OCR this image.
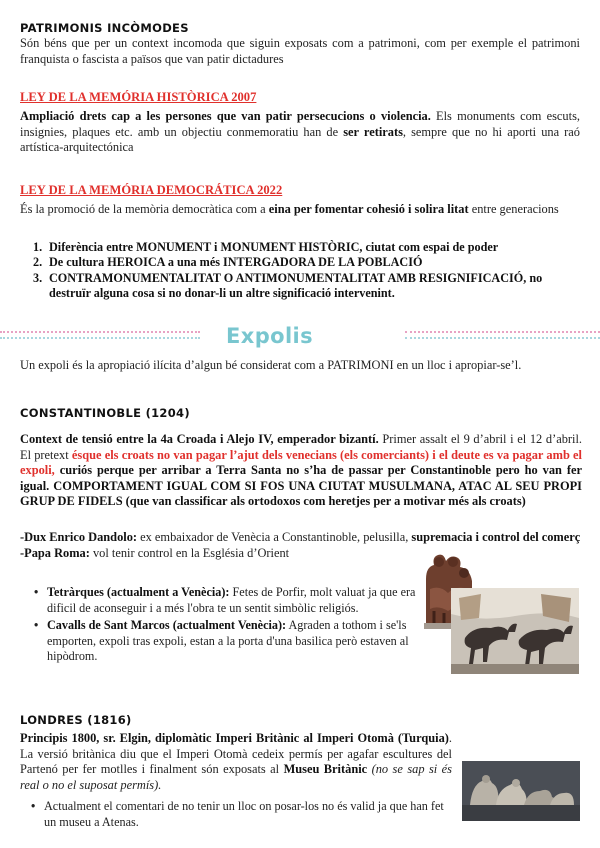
PATRIMONIS INCÒMODES
Són béns que per un context incomoda que siguin exposats com a patrimoni, com per exemple el patrimoni franquista o fascista a països que van patir dictadures
LEY DE LA MEMÓRIA HISTÒRICA 2007
Ampliació drets cap a les persones que van patir persecucions o violencia. Els monuments com escuts, insignies, plaques etc. amb un objectiu conmemoratiu han de ser retirats, sempre que no hi aporti una raó artística-arquitectónica
LEY DE LA MEMÓRIA DEMOCRÁTICA 2022
És la promoció de la memòria democràtica com a eina per fomentar cohesió i solira litat entre generacions
1. Diferència entre MONUMENT i MONUMENT HISTÒRIC, ciutat com espai de poder
2. De cultura HEROICA a una més INTERGADORA DE LA POBLACIÓ
3. CONTRAMONUMENTALITAT O ANTIMONUMENTALITAT AMB RESIGNIFICACIÓ, no destruïr alguna cosa si no donar-li un altre significació intervenint.
Expolis
Un expoli és la apropiació ilícita d’algun bé considerat com a PATRIMONI en un lloc i apropiar-se’l.
CONSTANTINOBLE (1204)
Context de tensió entre la 4a Croada i Alejo IV, emperador bizantí. Primer assalt el 9 d’abril i el 12 d’abril. El pretext ésque els croats no van pagar l’ajut dels venecians (els comerciants) i el deute es va pagar amb el expoli, curiós perque per arribar a Terra Santa no s’ha de passar per Constantinoble pero ho van fer igual. COMPORTAMENT IGUAL COM SI FOS UNA CIUTAT MUSULMANA, ATAC AL SEU PROPI GRUP DE FIDELS (que van classificar als ortodoxos com heretjes per a motivar més als croats)
-Dux Enrico Dandolo: ex embaixador de Venècia a Constantinoble, pelusilla, supremacia i control del comerç
-Papa Roma: vol tenir control en la Església d’Orient
• Tetràrques (actualment a Venècia): Fetes de Porfir, molt valuat ja que era dificil de aconseguir i a més l'obra te un sentit simbòlic religiós.
• Cavalls de Sant Marcos (actualment Venècia): Agraden a tothom i se'ls emporten, expoli tras expoli, estan a la porta d'una basilica però estaven al hipòdrom.
LONDRES (1816)
Principis 1800, sr. Elgin, diplomàtic Imperi Britànic al Imperi Otomà (Turquia). La versió britànica diu que el Imperi Otomà cedeix permís per agafar escultures del Partenó per fer motlles i finalment són exposats al Museu Britànic (no se sap si és real o no el suposat permís).
• Actualment el comentari de no tenir un lloc on posar-los no és valid ja que han fet un museu a Atenas.
